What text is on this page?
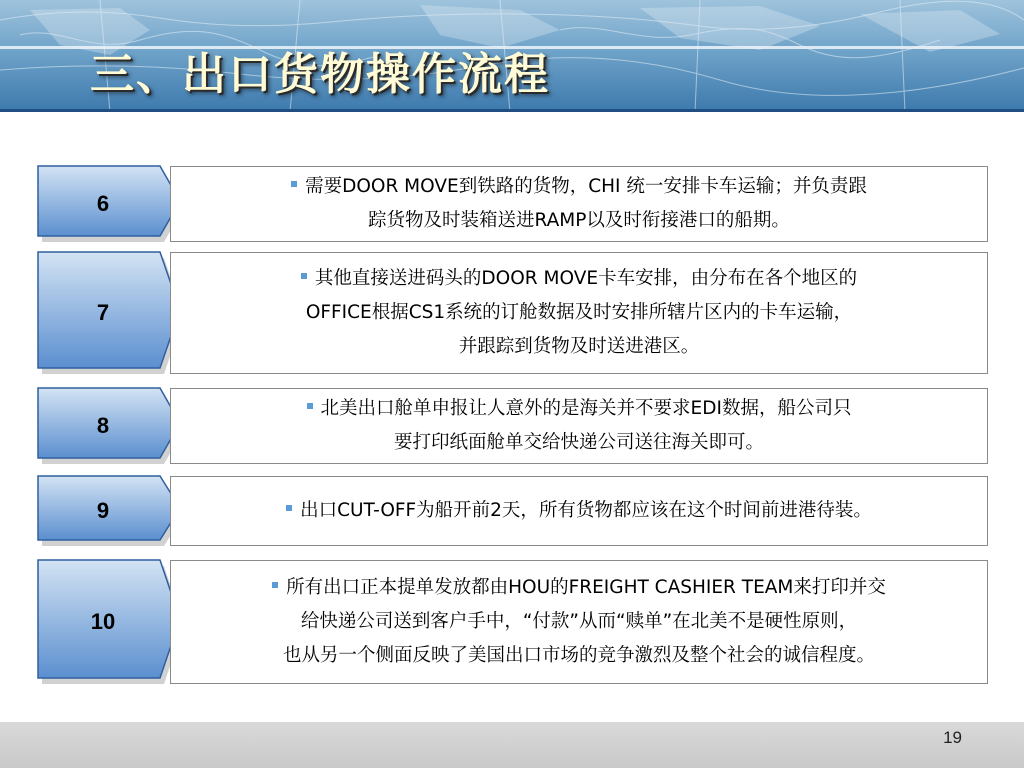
三、出口货物操作流程
6
需要DOOR MOVE到铁路的货物，CHI 统一安排卡车运输；并负责跟
踪货物及时装箱送进RAMP以及时衔接港口的船期。
7
其他直接送进码头的DOOR MOVE卡车安排，由分布在各个地区的
OFFICE根据CS1系统的订舱数据及时安排所辖片区内的卡车运输，
并跟踪到货物及时送进港区。
8
北美出口舱单申报让人意外的是海关并不要求EDI数据，船公司只
要打印纸面舱单交给快递公司送往海关即可。
9	出口CUT-OFF为船开前2天，所有货物都应该在这个时间前进港待装。
10
所有出口正本提单发放都由HOU的FREIGHT CASHIER TEAM来打印并交
给快递公司送到客户手中，“付款”从而“赎单”在北美不是硬性原则，
也从另一个侧面反映了美国出口市场的竞争激烈及整个社会的诚信程度。
19
